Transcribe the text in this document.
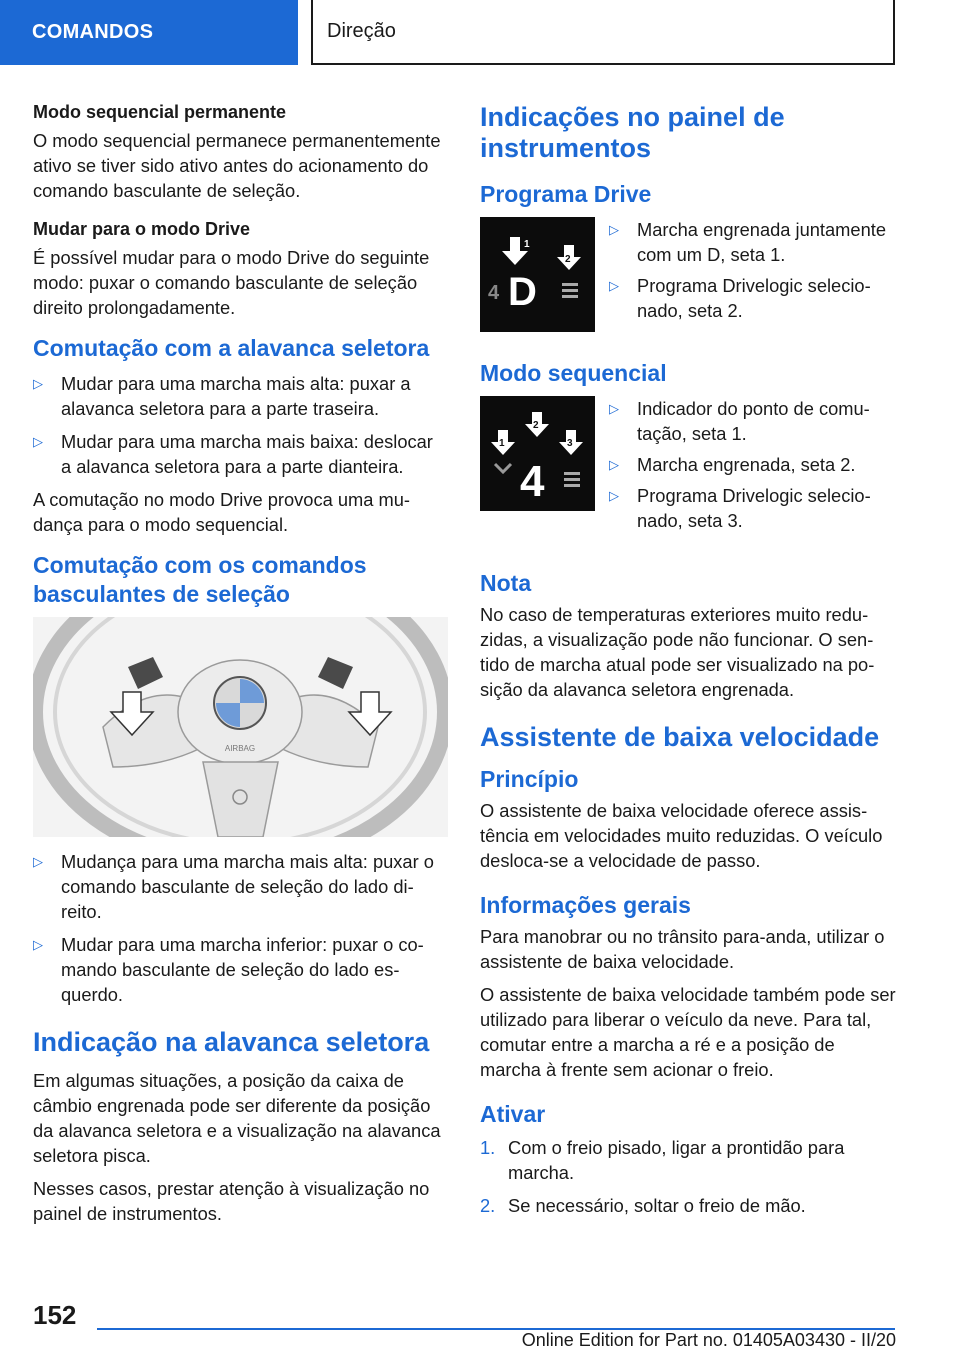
COMANDOS	Direção
Modo sequencial permanente

O modo sequencial permanece permanentemente ativo se tiver sido ativo antes do acionamento do comando basculante de seleção.

Mudar para o modo Drive

É possível mudar para o modo Drive do seguinte modo: puxar o comando basculante de seleção direito prolongadamente.

Comutação com a alavanca seletora
▷ Mudar para uma marcha mais alta: puxar a alavanca seletora para a parte traseira.
▷ Mudar para uma marcha mais baixa: deslocar a alavanca seletora para a parte dianteira.

A comutação no modo Drive provoca uma mudança para o modo sequencial.

Comutação com os comandos basculantes de seleção
AIRBAG
▷ Mudança para uma marcha mais alta: puxar o comando basculante de seleção do lado direito.
▷ Mudar para uma marcha inferior: puxar o comando basculante de seleção do lado esquerdo.
Indicação na alavanca seletora

Em algumas situações, a posição da caixa de câmbio engrenada pode ser diferente da posição da alavanca seletora e a visualização na alavanca seletora pisca.

Nesses casos, prestar atenção à visualização no painel de instrumentos.

Indicações no painel de instrumentos
Programa Drive
1
2
4 D
▷ Marcha engrenada juntamente com um D, seta 1.
▷ Programa Drivelogic selecionado, seta 2.
Modo sequencial
1
2
3
4
▷ Indicador do ponto de comutação, seta 1.
▷ Marcha engrenada, seta 2.
▷ Programa Drivelogic selecionado, seta 3.
Nota

No caso de temperaturas exteriores muito reduzidas, a visualização pode não funcionar. O sentido de marcha atual pode ser visualizado na posição da alavanca seletora engrenada.

Assistente de baixa velocidade
Princípio

O assistente de baixa velocidade oferece assistência em velocidades muito reduzidas. O veículo desloca-se a velocidade de passo.

Informações gerais

Para manobrar ou no trânsito para-anda, utilizar o assistente de baixa velocidade.

O assistente de baixa velocidade também pode ser utilizado para liberar o veículo da neve. Para tal, comutar entre a marcha a ré e a posição de marcha à frente sem acionar o freio.

Ativar
1. Com o freio pisado, ligar a prontidão para marcha.
2. Se necessário, soltar o freio de mão.
152
Online Edition for Part no. 01405A03430 - II/20
